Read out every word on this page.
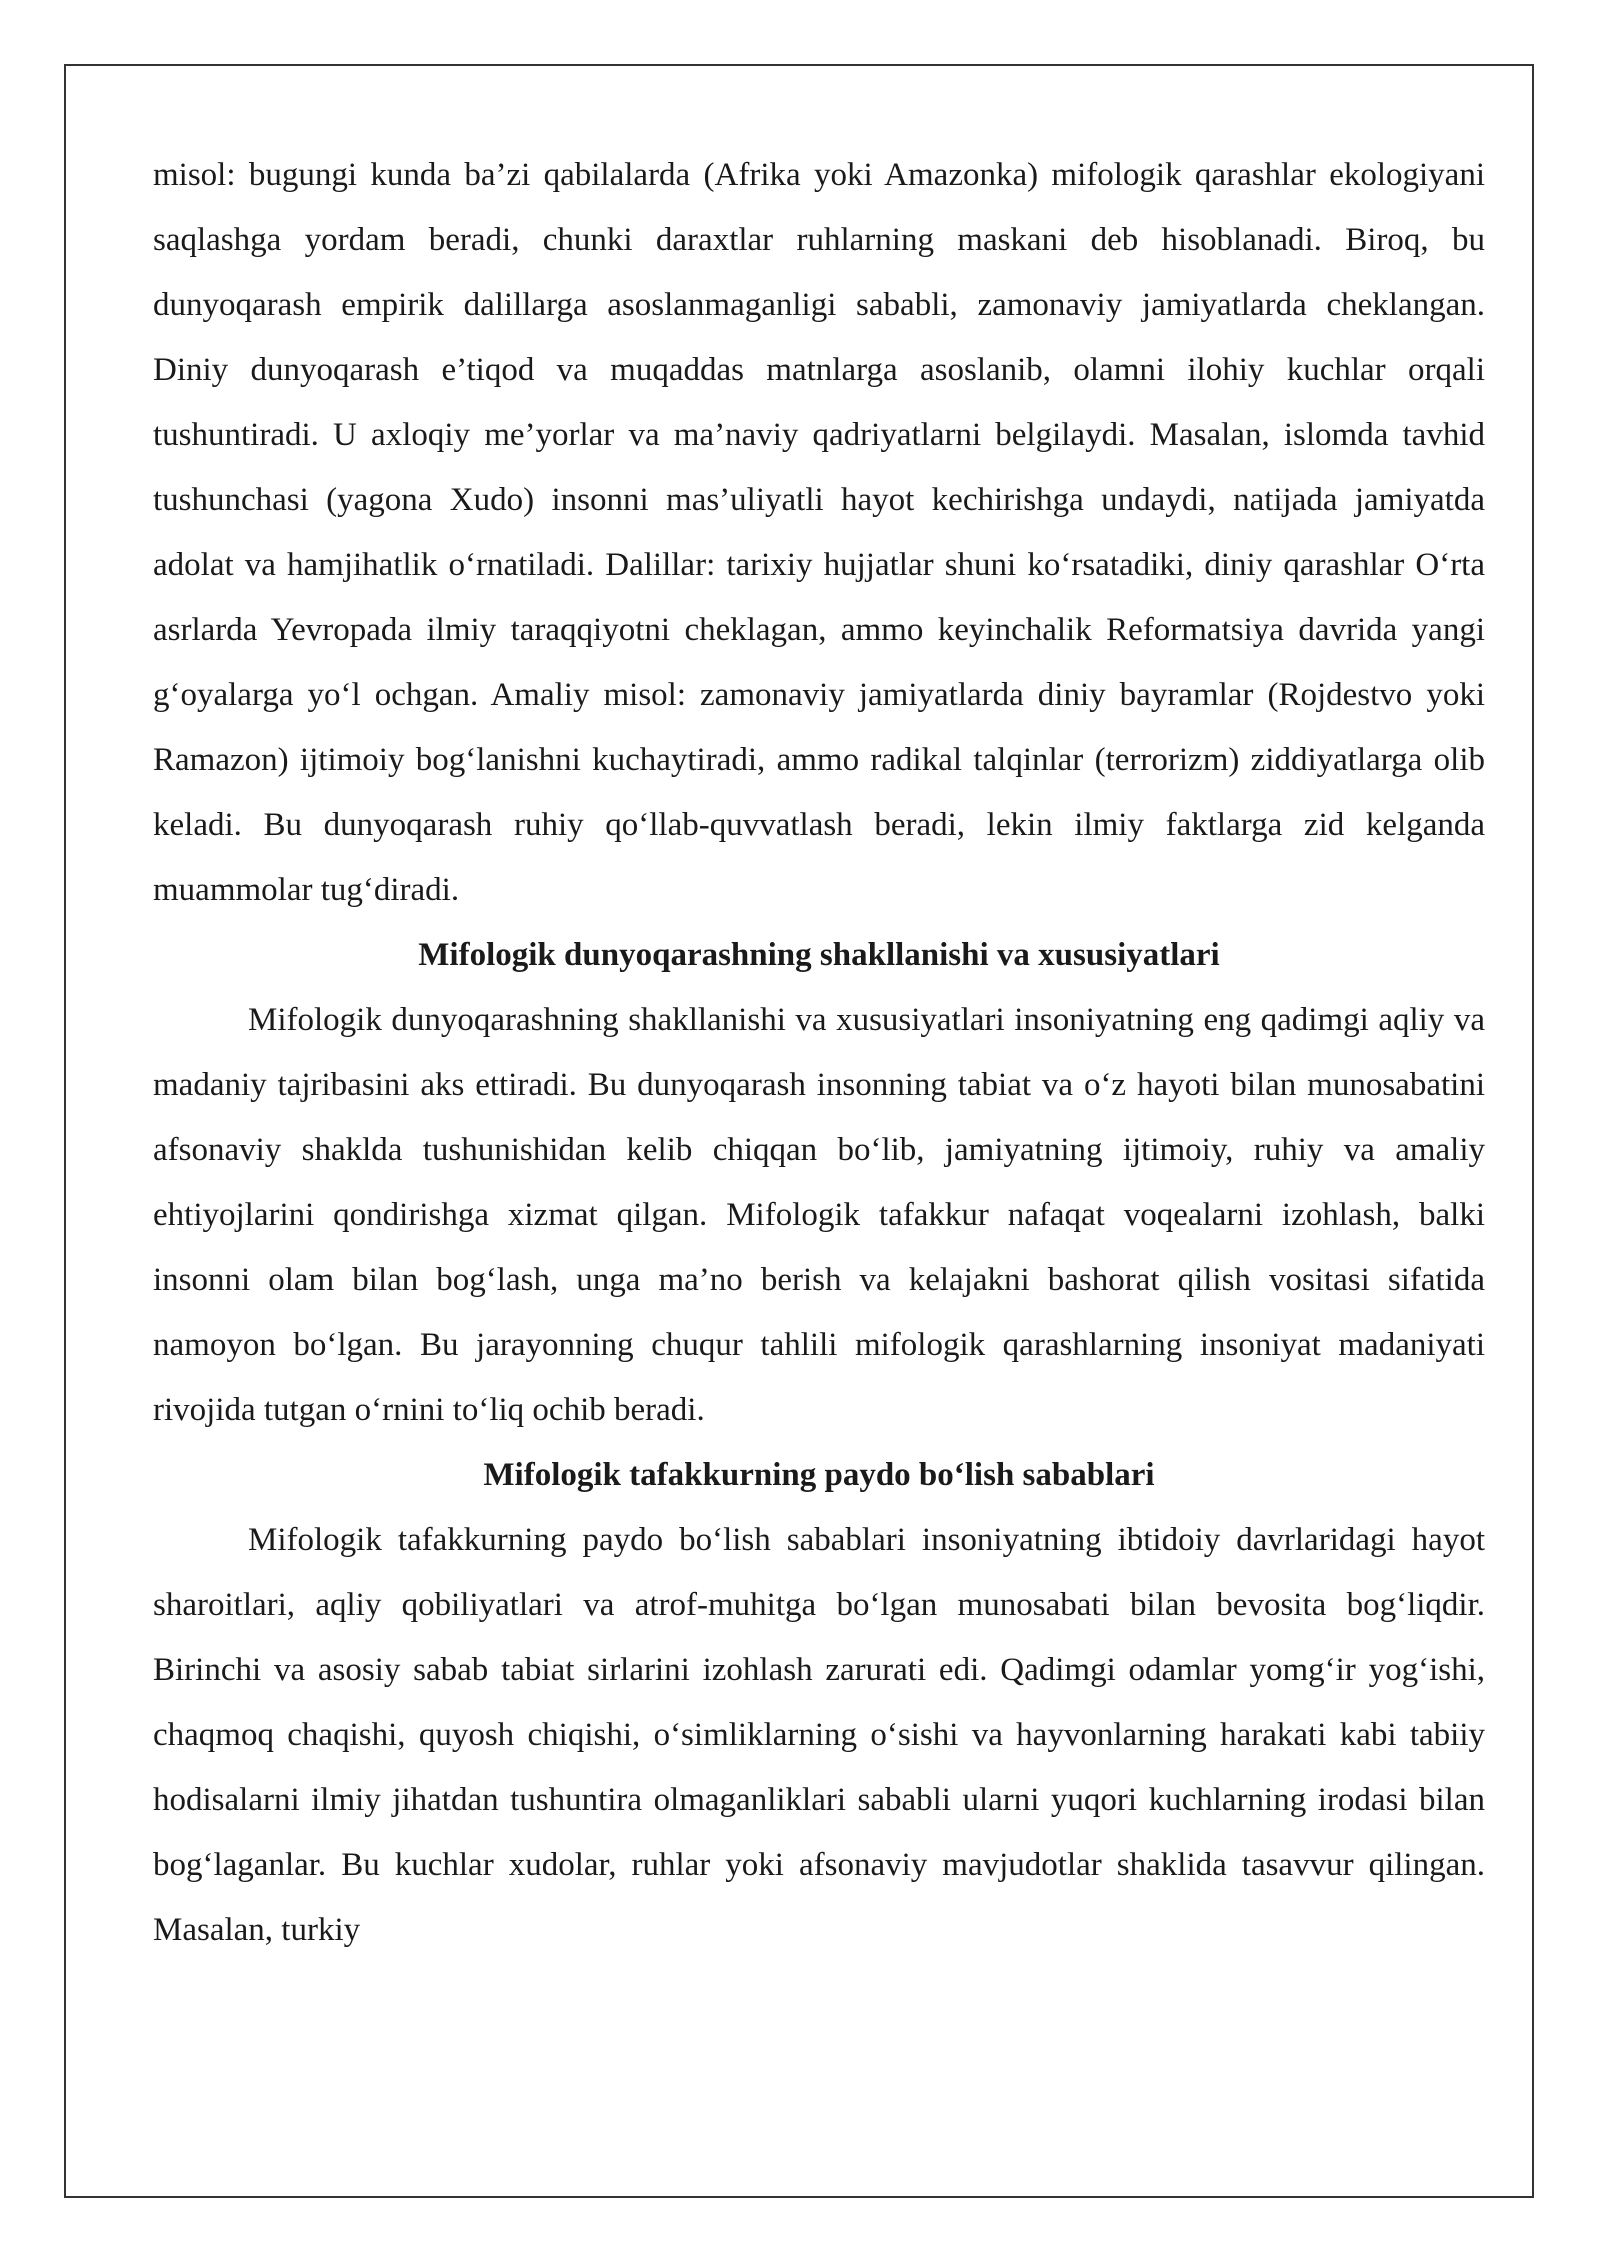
misol: bugungi kunda ba’zi qabilalarda (Afrika yoki Amazonka) mifologik qarashlar ekologiyani saqlashga yordam beradi, chunki daraxtlar ruhlarning maskani deb hisoblanadi. Biroq, bu dunyoqarash empirik dalillarga asoslanmaganligi sababli, zamonaviy jamiyatlarda cheklangan. Diniy dunyoqarash e’tiqod va muqaddas matnlarga asoslanib, olamni ilohiy kuchlar orqali tushuntiradi. U axloqiy me’yorlar va ma’naviy qadriyatlarni belgilaydi. Masalan, islomda tavhid tushunchasi (yagona Xudo) insonni mas’uliyatli hayot kechirishga undaydi, natijada jamiyatda adolat va hamjihatlik o‘rnatiladi. Dalillar: tarixiy hujjatlar shuni ko‘rsatadiki, diniy qarashlar O‘rta asrlarda Yevropada ilmiy taraqqiyotni cheklagan, ammo keyinchalik Reformatsiya davrida yangi g‘oyalarga yo‘l ochgan. Amaliy misol: zamonaviy jamiyatlarda diniy bayramlar (Rojdestvo yoki Ramazon) ijtimoiy bog‘lanishni kuchaytiradi, ammo radikal talqinlar (terrorizm) ziddiyatlarga olib keladi. Bu dunyoqarash ruhiy qo‘llab-quvvatlash beradi, lekin ilmiy faktlarga zid kelganda muammolar tug‘diradi.

Mifologik dunyoqarashning shakllanishi va xususiyatlari

Mifologik dunyoqarashning shakllanishi va xususiyatlari insoniyatning eng qadimgi aqliy va madaniy tajribasini aks ettiradi. Bu dunyoqarash insonning tabiat va o‘z hayoti bilan munosabatini afsonaviy shaklda tushunishidan kelib chiqqan bo‘lib, jamiyatning ijtimoiy, ruhiy va amaliy ehtiyojlarini qondirishga xizmat qilgan. Mifologik tafakkur nafaqat voqealarni izohlash, balki insonni olam bilan bog‘lash, unga ma’no berish va kelajakni bashorat qilish vositasi sifatida namoyon bo‘lgan. Bu jarayonning chuqur tahlili mifologik qarashlarning insoniyat madaniyati rivojida tutgan o‘rnini to‘liq ochib beradi.

Mifologik tafakkurning paydo bo‘lish sabablari

Mifologik tafakkurning paydo bo‘lish sabablari insoniyatning ibtidoiy davrlaridagi hayot sharoitlari, aqliy qobiliyatlari va atrof-muhitga bo‘lgan munosabati bilan bevosita bog‘liqdir. Birinchi va asosiy sabab tabiat sirlarini izohlash zarurati edi. Qadimgi odamlar yomg‘ir yog‘ishi, chaqmoq chaqishi, quyosh chiqishi, o‘simliklarning o‘sishi va hayvonlarning harakati kabi tabiiy hodisalarni ilmiy jihatdan tushuntira olmaganliklari sababli ularni yuqori kuchlarning irodasi bilan bog‘laganlar. Bu kuchlar xudolar, ruhlar yoki afsonaviy mavjudotlar shaklida tasavvur qilingan. Masalan, turkiy
